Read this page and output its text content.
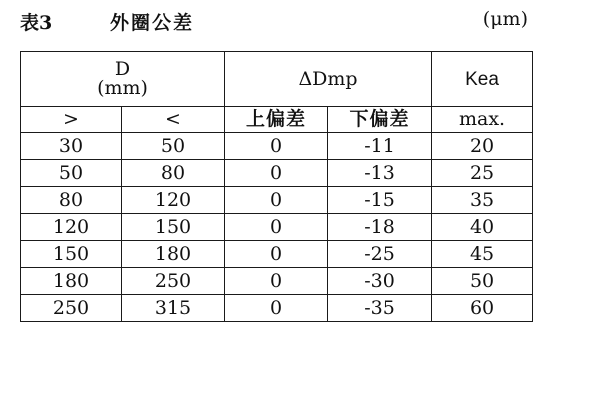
表3	外圈公差	(μm)
D
(mm)		ΔDmp		Kea
>	<	上偏差	下偏差	max.
30	50	0	-11	20
50	80	0	-13	25
80	120	0	-15	35
120	150	0	-18	40
150	180	0	-25	45
180	250	0	-30	50
250	315	0	-35	60
